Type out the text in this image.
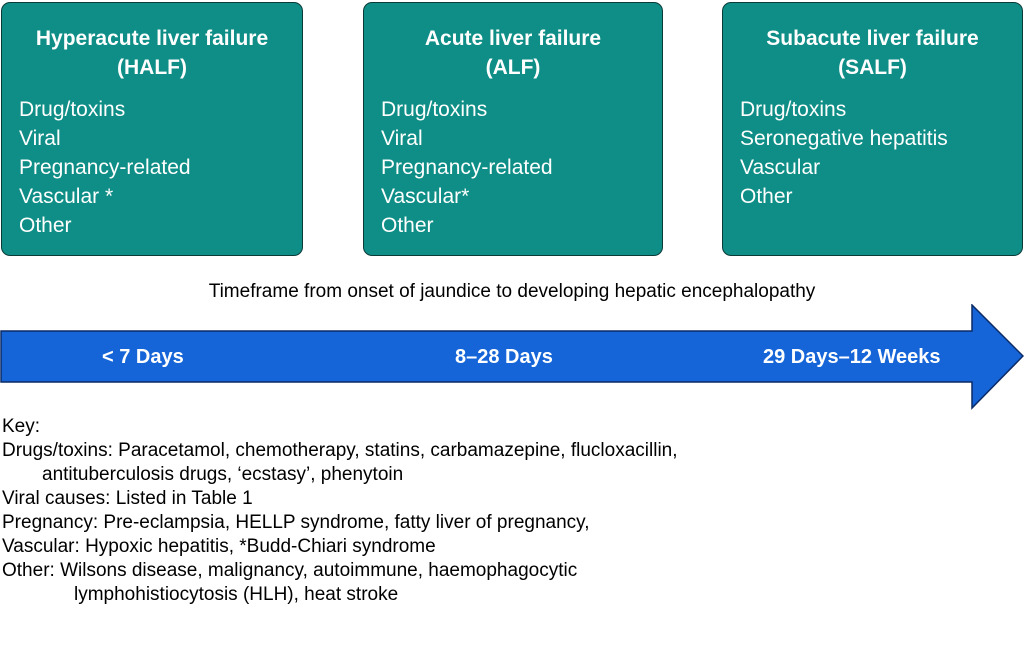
Hyperacute liver failure
(HALF)
Drug/toxins
Viral
Pregnancy-related
Vascular *
Other
Acute liver failure
(ALF)
Drug/toxins
Viral
Pregnancy-related
Vascular*
Other
Subacute liver failure
(SALF)
Drug/toxins
Seronegative hepatitis
Vascular
Other
Timeframe from onset of jaundice to developing hepatic encephalopathy
< 7 Days	8–28 Days	29 Days–12 Weeks
Key:
Drugs/toxins: Paracetamol, chemotherapy, statins, carbamazepine, flucloxacillin,
antituberculosis drugs, ‘ecstasy’, phenytoin
Viral causes: Listed in Table 1
Pregnancy: Pre-eclampsia, HELLP syndrome, fatty liver of pregnancy,
Vascular: Hypoxic hepatitis, *Budd-Chiari syndrome
Other: Wilsons disease, malignancy, autoimmune, haemophagocytic
lymphohistiocytosis (HLH), heat stroke
